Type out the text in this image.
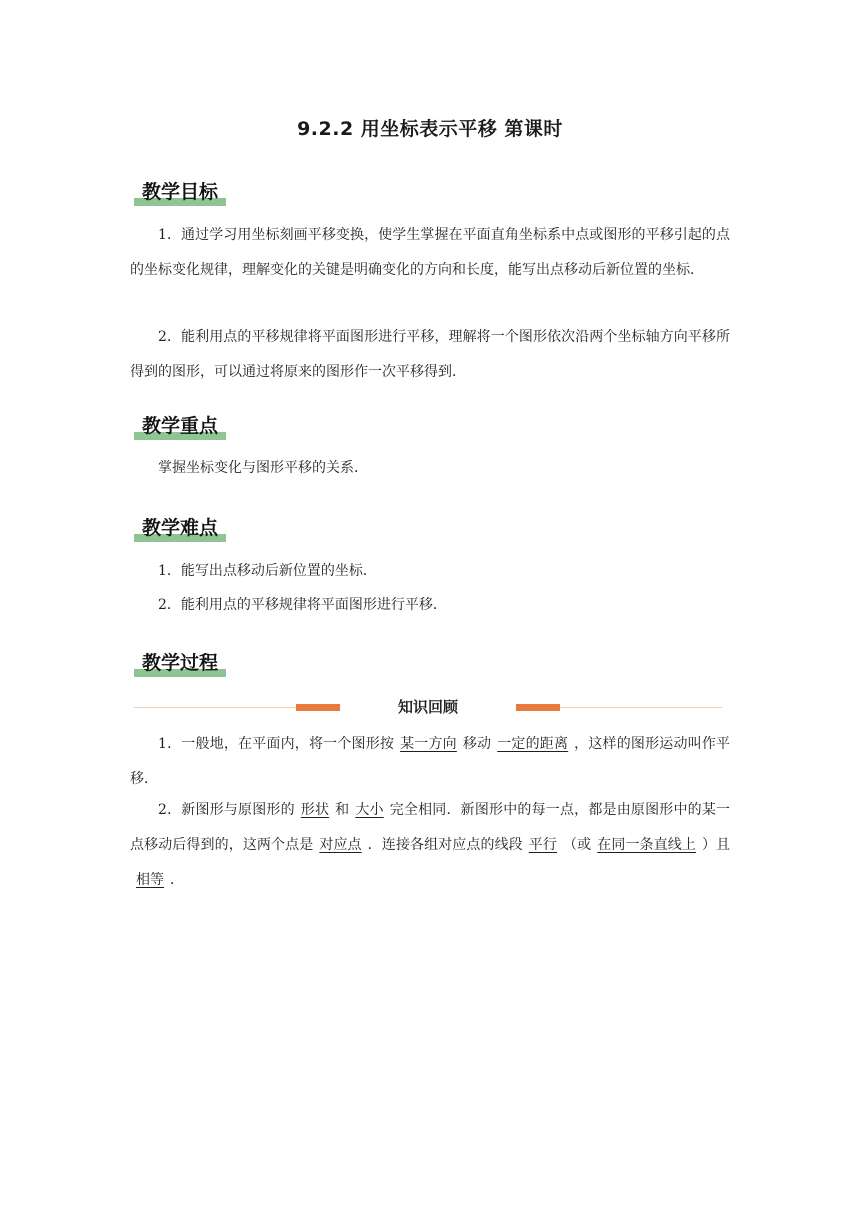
9.2.2 用坐标表示平移 第课时
教学目标
1．通过学习用坐标刻画平移变换，使学生掌握在平面直角坐标系中点或图形的平移引起的点的坐标变化规律，理解变化的关键是明确变化的方向和长度，能写出点移动后新位置的坐标．
2．能利用点的平移规律将平面图形进行平移，理解将一个图形依次沿两个坐标轴方向平移所得到的图形，可以通过将原来的图形作一次平移得到．
教学重点
掌握坐标变化与图形平移的关系．
教学难点
1．能写出点移动后新位置的坐标．
2．能利用点的平移规律将平面图形进行平移．
教学过程
知识回顾
1．一般地，在平面内，将一个图形按 某一方向 移动 一定的距离 ，这样的图形运动叫作平移．
2．新图形与原图形的 形状 和 大小 完全相同．新图形中的每一点，都是由原图形中的某一点移动后得到的，这两个点是 对应点 ．连接各组对应点的线段 平行 （或 在同一条直线上 ）且相等 ．
